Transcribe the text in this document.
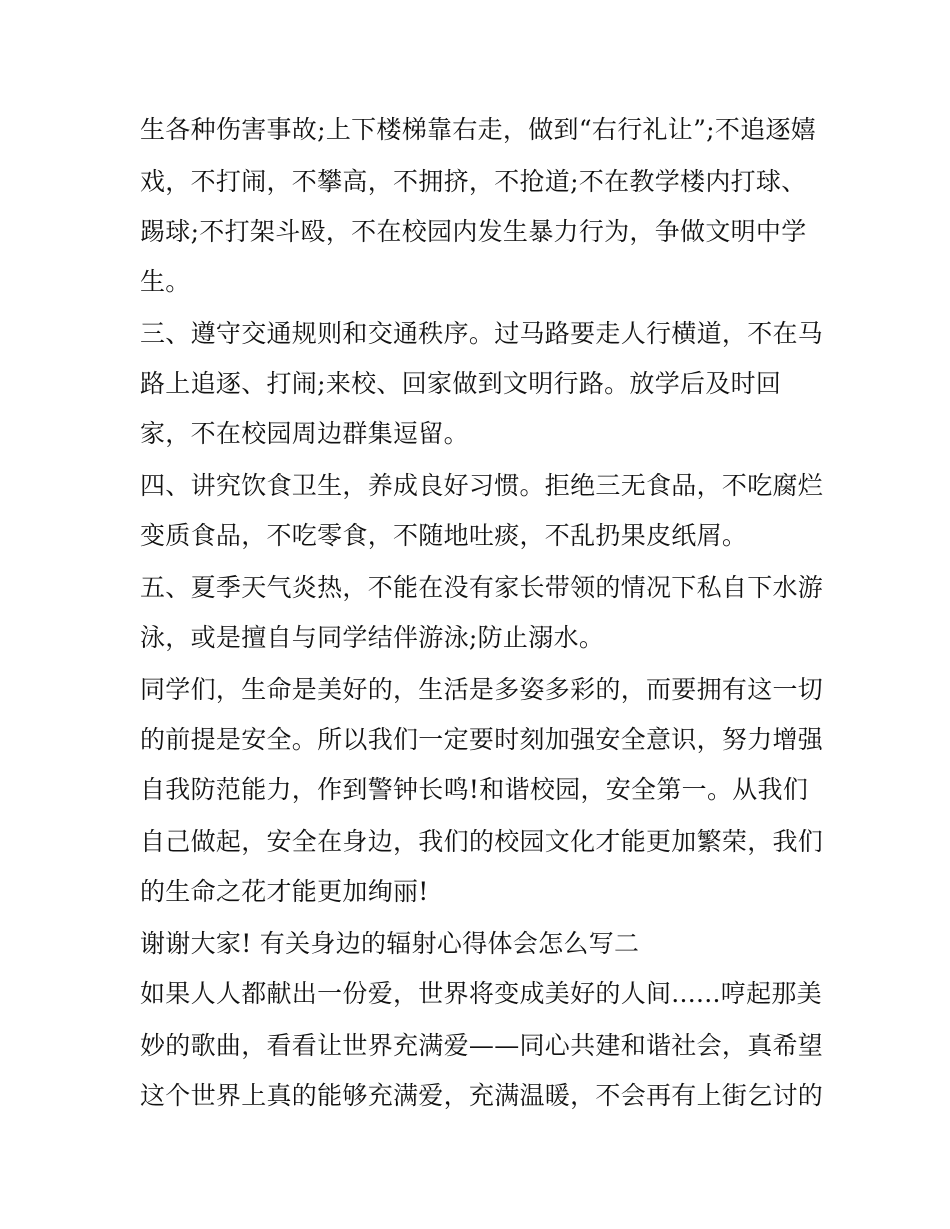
生各种伤害事故;上下楼梯靠右走，做到“右行礼让”;不追逐嬉
戏，不打闹，不攀高，不拥挤，不抢道;不在教学楼内打球、
踢球;不打架斗殴，不在校园内发生暴力行为，争做文明中学
生。
三、遵守交通规则和交通秩序。过马路要走人行横道，不在马
路上追逐、打闹;来校、回家做到文明行路。放学后及时回
家，不在校园周边群集逗留。
四、讲究饮食卫生，养成良好习惯。拒绝三无食品，不吃腐烂
变质食品，不吃零食，不随地吐痰，不乱扔果皮纸屑。
五、夏季天气炎热，不能在没有家长带领的情况下私自下水游
泳，或是擅自与同学结伴游泳;防止溺水。
同学们，生命是美好的，生活是多姿多彩的，而要拥有这一切
的前提是安全。所以我们一定要时刻加强安全意识，努力增强
自我防范能力，作到警钟长鸣!和谐校园，安全第一。从我们
自己做起，安全在身边，我们的校园文化才能更加繁荣，我们
的生命之花才能更加绚丽!
谢谢大家! 有关身边的辐射心得体会怎么写二
如果人人都献出一份爱，世界将变成美好的人间......哼起那美
妙的歌曲，看看让世界充满爱——同心共建和谐社会，真希望
这个世界上真的能够充满爱，充满温暖，不会再有上街乞讨的
